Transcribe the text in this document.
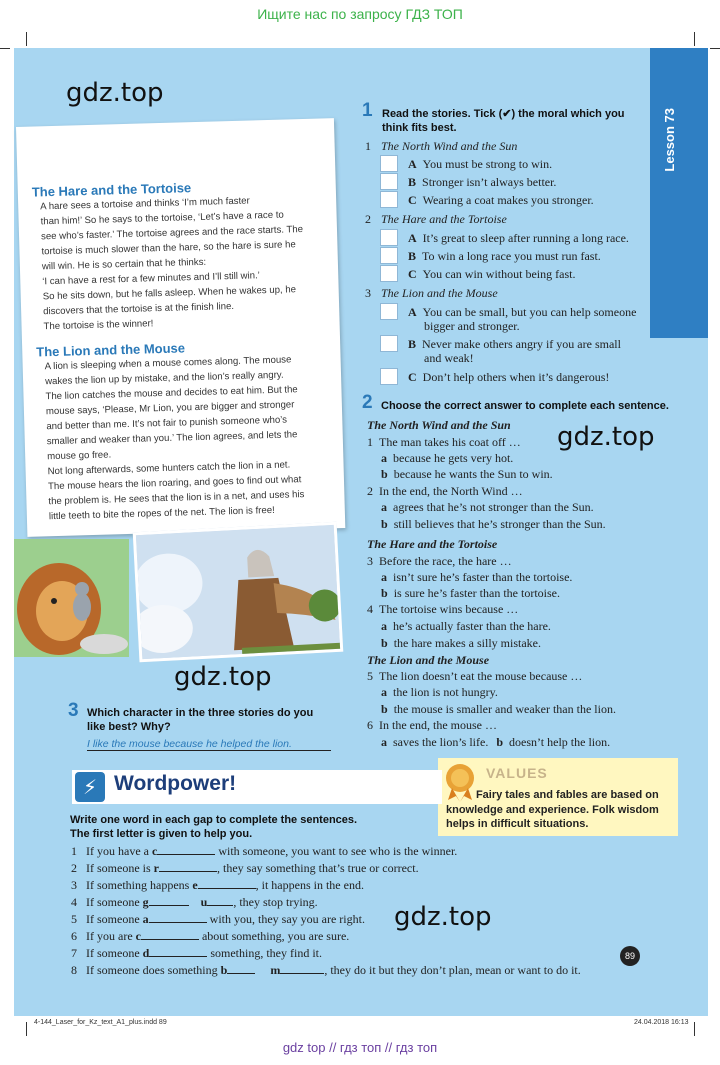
Ищите нас по запросу ГДЗ ТОП
Lesson 73
The Hare and the Tortoise
A hare sees a tortoise and thinks ‘I’m much faster
than him!’ So he says to the tortoise, ‘Let’s have a race to
see who’s faster.’ The tortoise agrees and the race starts. The
tortoise is much slower than the hare, so the hare is sure he
will win. He is so certain that he thinks:
‘I can have a rest for a few minutes and I’ll still win.’
So he sits down, but he falls asleep. When he wakes up, he
discovers that the tortoise is at the finish line.
The tortoise is the winner!
The Lion and the Mouse
A lion is sleeping when a mouse comes along. The mouse
wakes the lion up by mistake, and the lion’s really angry.
The lion catches the mouse and decides to eat him. But the
mouse says, ‘Please, Mr Lion, you are bigger and stronger
and better than me. It’s not fair to punish someone who’s
smaller and weaker than you.’ The lion agrees, and lets the
mouse go free.
Not long afterwards, some hunters catch the lion in a net.
The mouse hears the lion roaring, and goes to find out what
the problem is. He sees that the lion is in a net, and uses his
little teeth to bite the ropes of the net. The lion is free!
gdz.top
gdz.top
3 Which character in the three stories do you
like best? Why?
I like the mouse because he helped the lion.
1 Read the stories. Tick (✔) the moral which you
think fits best.
1 The North Wind and the Sun
A You must be strong to win.
B Stronger isn’t always better.
C Wearing a coat makes you stronger.
2 The Hare and the Tortoise
A It’s great to sleep after running a long race.
B To win a long race you must run fast.
C You can win without being fast.
3 The Lion and the Mouse
A You can be small, but you can help someone
bigger and stronger.
B Never make others angry if you are small
and weak!
C Don’t help others when it’s dangerous!
2 Choose the correct answer to complete each sentence.
The North Wind and the Sun
1 The man takes his coat off …
a because he gets very hot.
b because he wants the Sun to win.
2 In the end, the North Wind …
a agrees that he’s not stronger than the Sun.
b still believes that he’s stronger than the Sun.
The Hare and the Tortoise
3 Before the race, the hare …
a isn’t sure he’s faster than the tortoise.
b is sure he’s faster than the tortoise.
4 The tortoise wins because …
a he’s actually faster than the hare.
b the hare makes a silly mistake.
The Lion and the Mouse
5 The lion doesn’t eat the mouse because …
a the lion is not hungry.
b the mouse is smaller and weaker than the lion.
6 In the end, the mouse …
a saves the lion’s life. b doesn’t help the lion.
gdz.top
VALUES
Fairy tales and fables are based on
knowledge and experience. Folk wisdom
helps in difficult situations.
⚡ Wordpower!
Write one word in each gap to complete the sentences.
The first letter is given to help you.
1 If you have a c	with someone, you want to see who is the winner.
2 If someone is r	, they say something that’s true or correct.
3 If something happens e	, it happens in the end.
4 If someone g	u , they stop trying.
5 If someone a	with you, they say you are right.
6 If you are c	about something, you are sure.
7 If someone d	something, they find it.
8 If someone does something b	m	, they do it but they don’t plan, mean or want to do it.
gdz.top
89
4-144_Laser_for_Kz_text_A1_plus.indd 89	24.04.2018 16:13
gdz top // гдз топ // гдз топ
